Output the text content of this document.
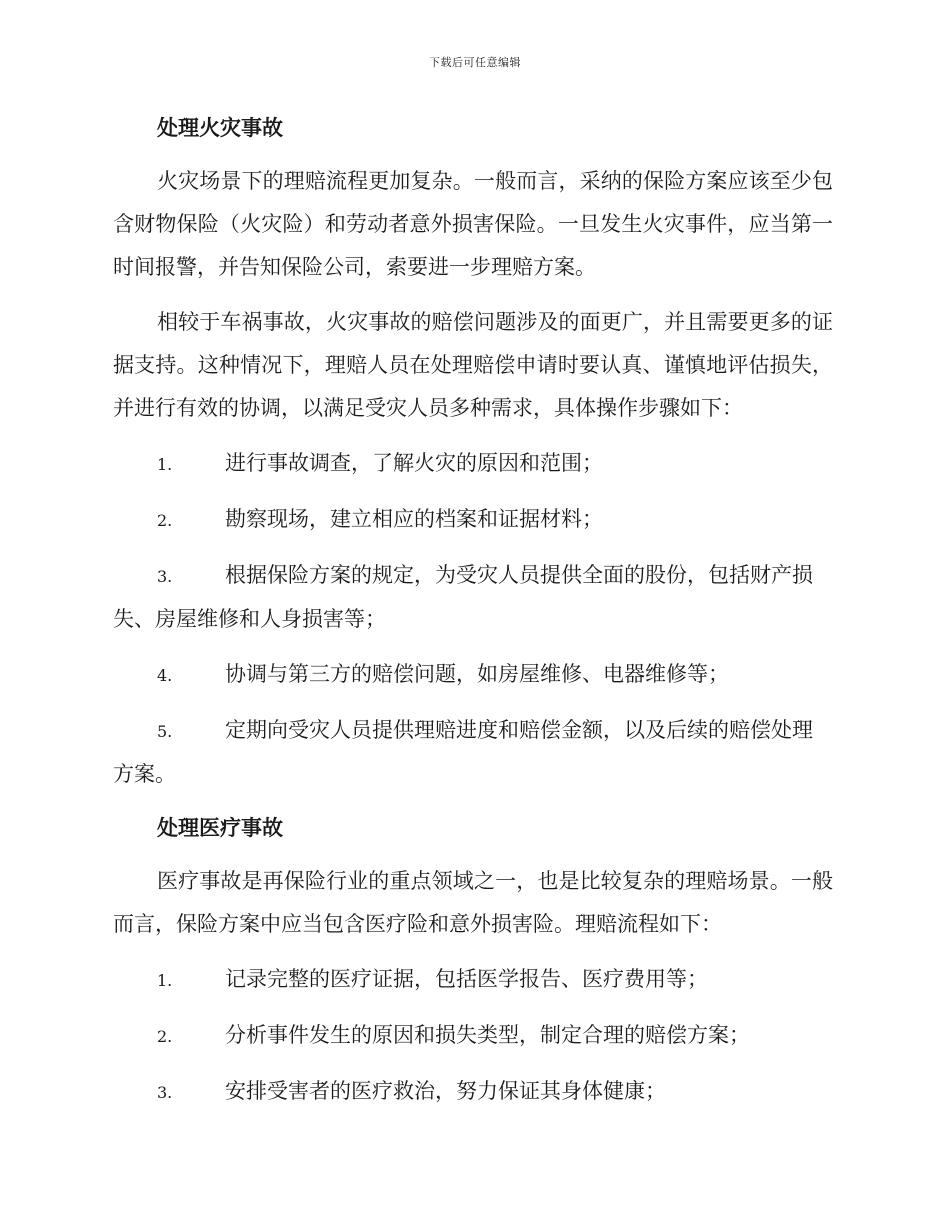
下载后可任意编辑
处理火灾事故

火灾场景下的理赔流程更加复杂。一般而言，采纳的保险方案应该至少包含财物保险（火灾险）和劳动者意外损害保险。一旦发生火灾事件，应当第一时间报警，并告知保险公司，索要进一步理赔方案。

相较于车祸事故，火灾事故的赔偿问题涉及的面更广，并且需要更多的证据支持。这种情况下，理赔人员在处理赔偿申请时要认真、谨慎地评估损失，并进行有效的协调，以满足受灾人员多种需求，具体操作步骤如下：

1.	进行事故调查，了解火灾的原因和范围；

2.	勘察现场，建立相应的档案和证据材料；

3.	根据保险方案的规定，为受灾人员提供全面的股份，包括财产损失、房屋维修和人身损害等；

4.	协调与第三方的赔偿问题，如房屋维修、电器维修等；

5.	定期向受灾人员提供理赔进度和赔偿金额，以及后续的赔偿处理方案。

处理医疗事故

医疗事故是再保险行业的重点领域之一，也是比较复杂的理赔场景。一般而言，保险方案中应当包含医疗险和意外损害险。理赔流程如下：

1.	记录完整的医疗证据，包括医学报告、医疗费用等；

2.	分析事件发生的原因和损失类型，制定合理的赔偿方案；

3.	安排受害者的医疗救治，努力保证其身体健康；
